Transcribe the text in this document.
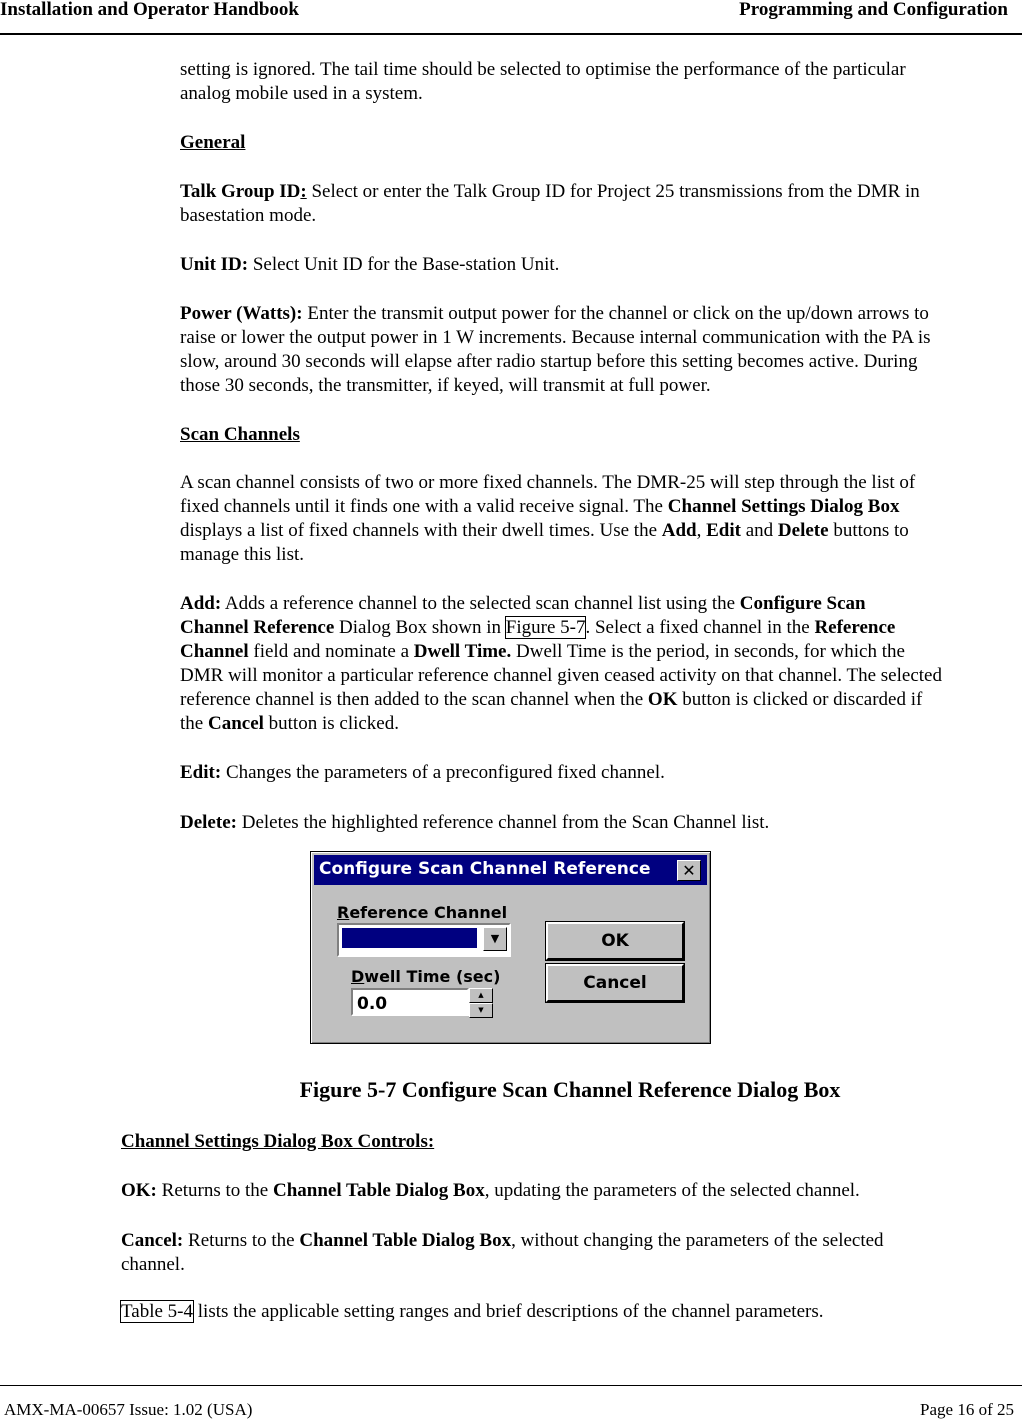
Installation and Operator Handbook	Programming and Configuration

setting is ignored. The tail time should be selected to optimise the performance of the particular
analog mobile used in a system.

General

Talk Group ID: Select or enter the Talk Group ID for Project 25 transmissions from the DMR in
basestation mode.

Unit ID: Select Unit ID for the Base-station Unit.

Power (Watts): Enter the transmit output power for the channel or click on the up/down arrows to
raise or lower the output power in 1 W increments. Because internal communication with the PA is
slow, around 30 seconds will elapse after radio startup before this setting becomes active. During
those 30 seconds, the transmitter, if keyed, will transmit at full power.

Scan Channels

A scan channel consists of two or more fixed channels. The DMR-25 will step through the list of
fixed channels until it finds one with a valid receive signal. The Channel Settings Dialog Box
displays a list of fixed channels with their dwell times. Use the Add, Edit and Delete buttons to
manage this list.

Add: Adds a reference channel to the selected scan channel list using the Configure Scan
Channel Reference Dialog Box shown in Figure 5-7. Select a fixed channel in the Reference
Channel field and nominate a Dwell Time. Dwell Time is the period, in seconds, for which the
DMR will monitor a particular reference channel given ceased activity on that channel. The selected
reference channel is then added to the scan channel when the OK button is clicked or discarded if
the Cancel button is clicked.

Edit: Changes the parameters of a preconfigured fixed channel.

Delete: Deletes the highlighted reference channel from the Scan Channel list.

Configure Scan Channel Reference	✕
Reference Channel
▼
Dwell Time (sec)
0.0	▲
▼
OK
Cancel
Figure 5-7 Configure Scan Channel Reference Dialog Box

Channel Settings Dialog Box Controls:

OK: Returns to the Channel Table Dialog Box, updating the parameters of the selected channel.

Cancel: Returns to the Channel Table Dialog Box, without changing the parameters of the selected
channel.

Table 5-4 lists the applicable setting ranges and brief descriptions of the channel parameters.

AMX-MA-00657 Issue: 1.02 (USA)	Page 16 of 25
